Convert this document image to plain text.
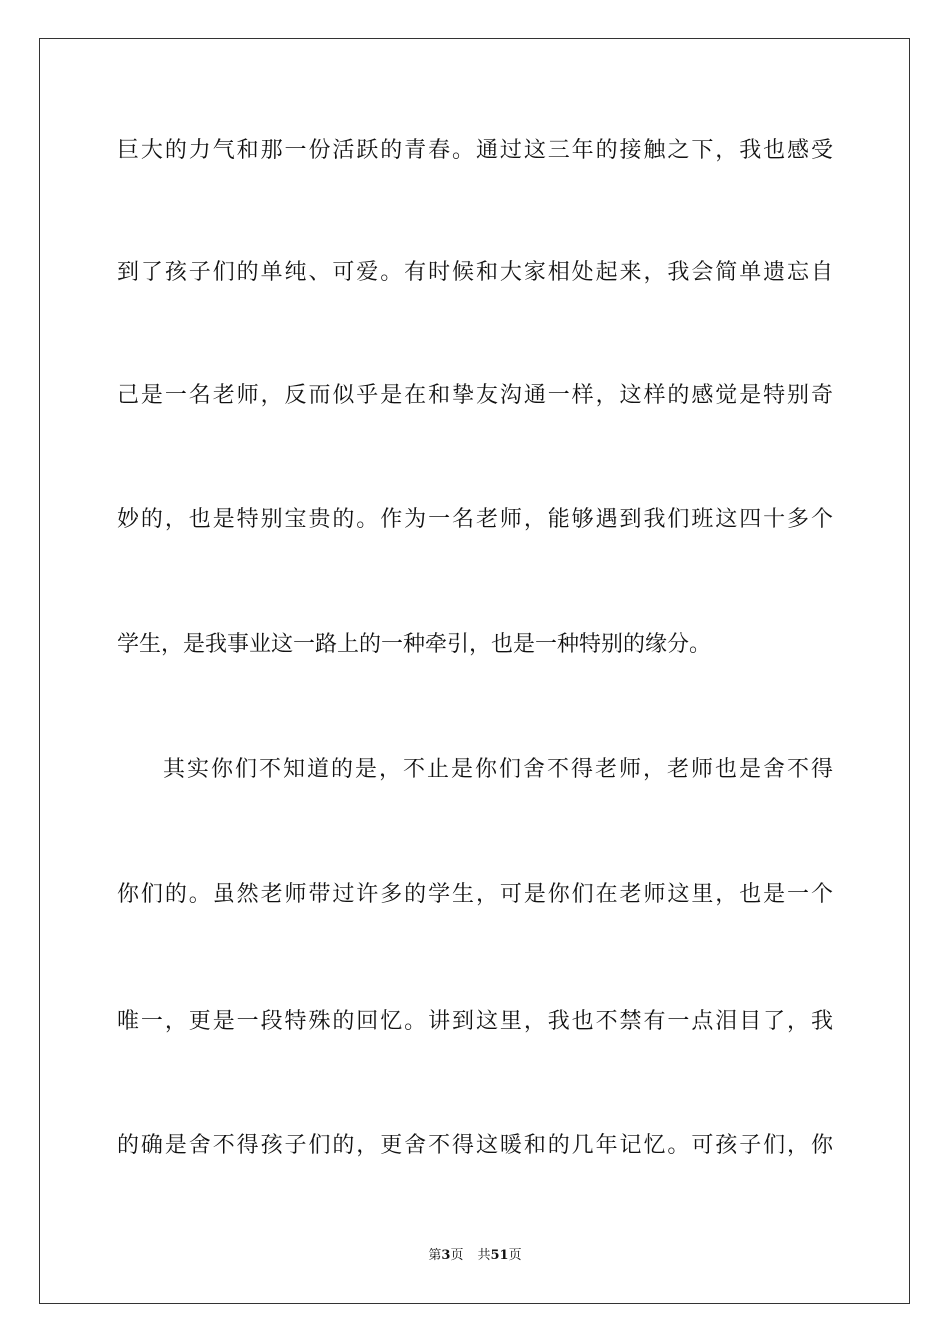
巨大的力气和那一份活跃的青春。通过这三年的接触之下，我也感受
到了孩子们的单纯、可爱。有时候和大家相处起来，我会简单遗忘自
己是一名老师，反而似乎是在和挚友沟通一样，这样的感觉是特别奇
妙的，也是特别宝贵的。作为一名老师，能够遇到我们班这四十多个
学生，是我事业这一路上的一种牵引，也是一种特别的缘分。
其实你们不知道的是，不止是你们舍不得老师，老师也是舍不得
你们的。虽然老师带过许多的学生，可是你们在老师这里，也是一个
唯一，更是一段特殊的回忆。讲到这里，我也不禁有一点泪目了，我
的确是舍不得孩子们的，更舍不得这暖和的几年记忆。可孩子们，你
第3页 共51页
